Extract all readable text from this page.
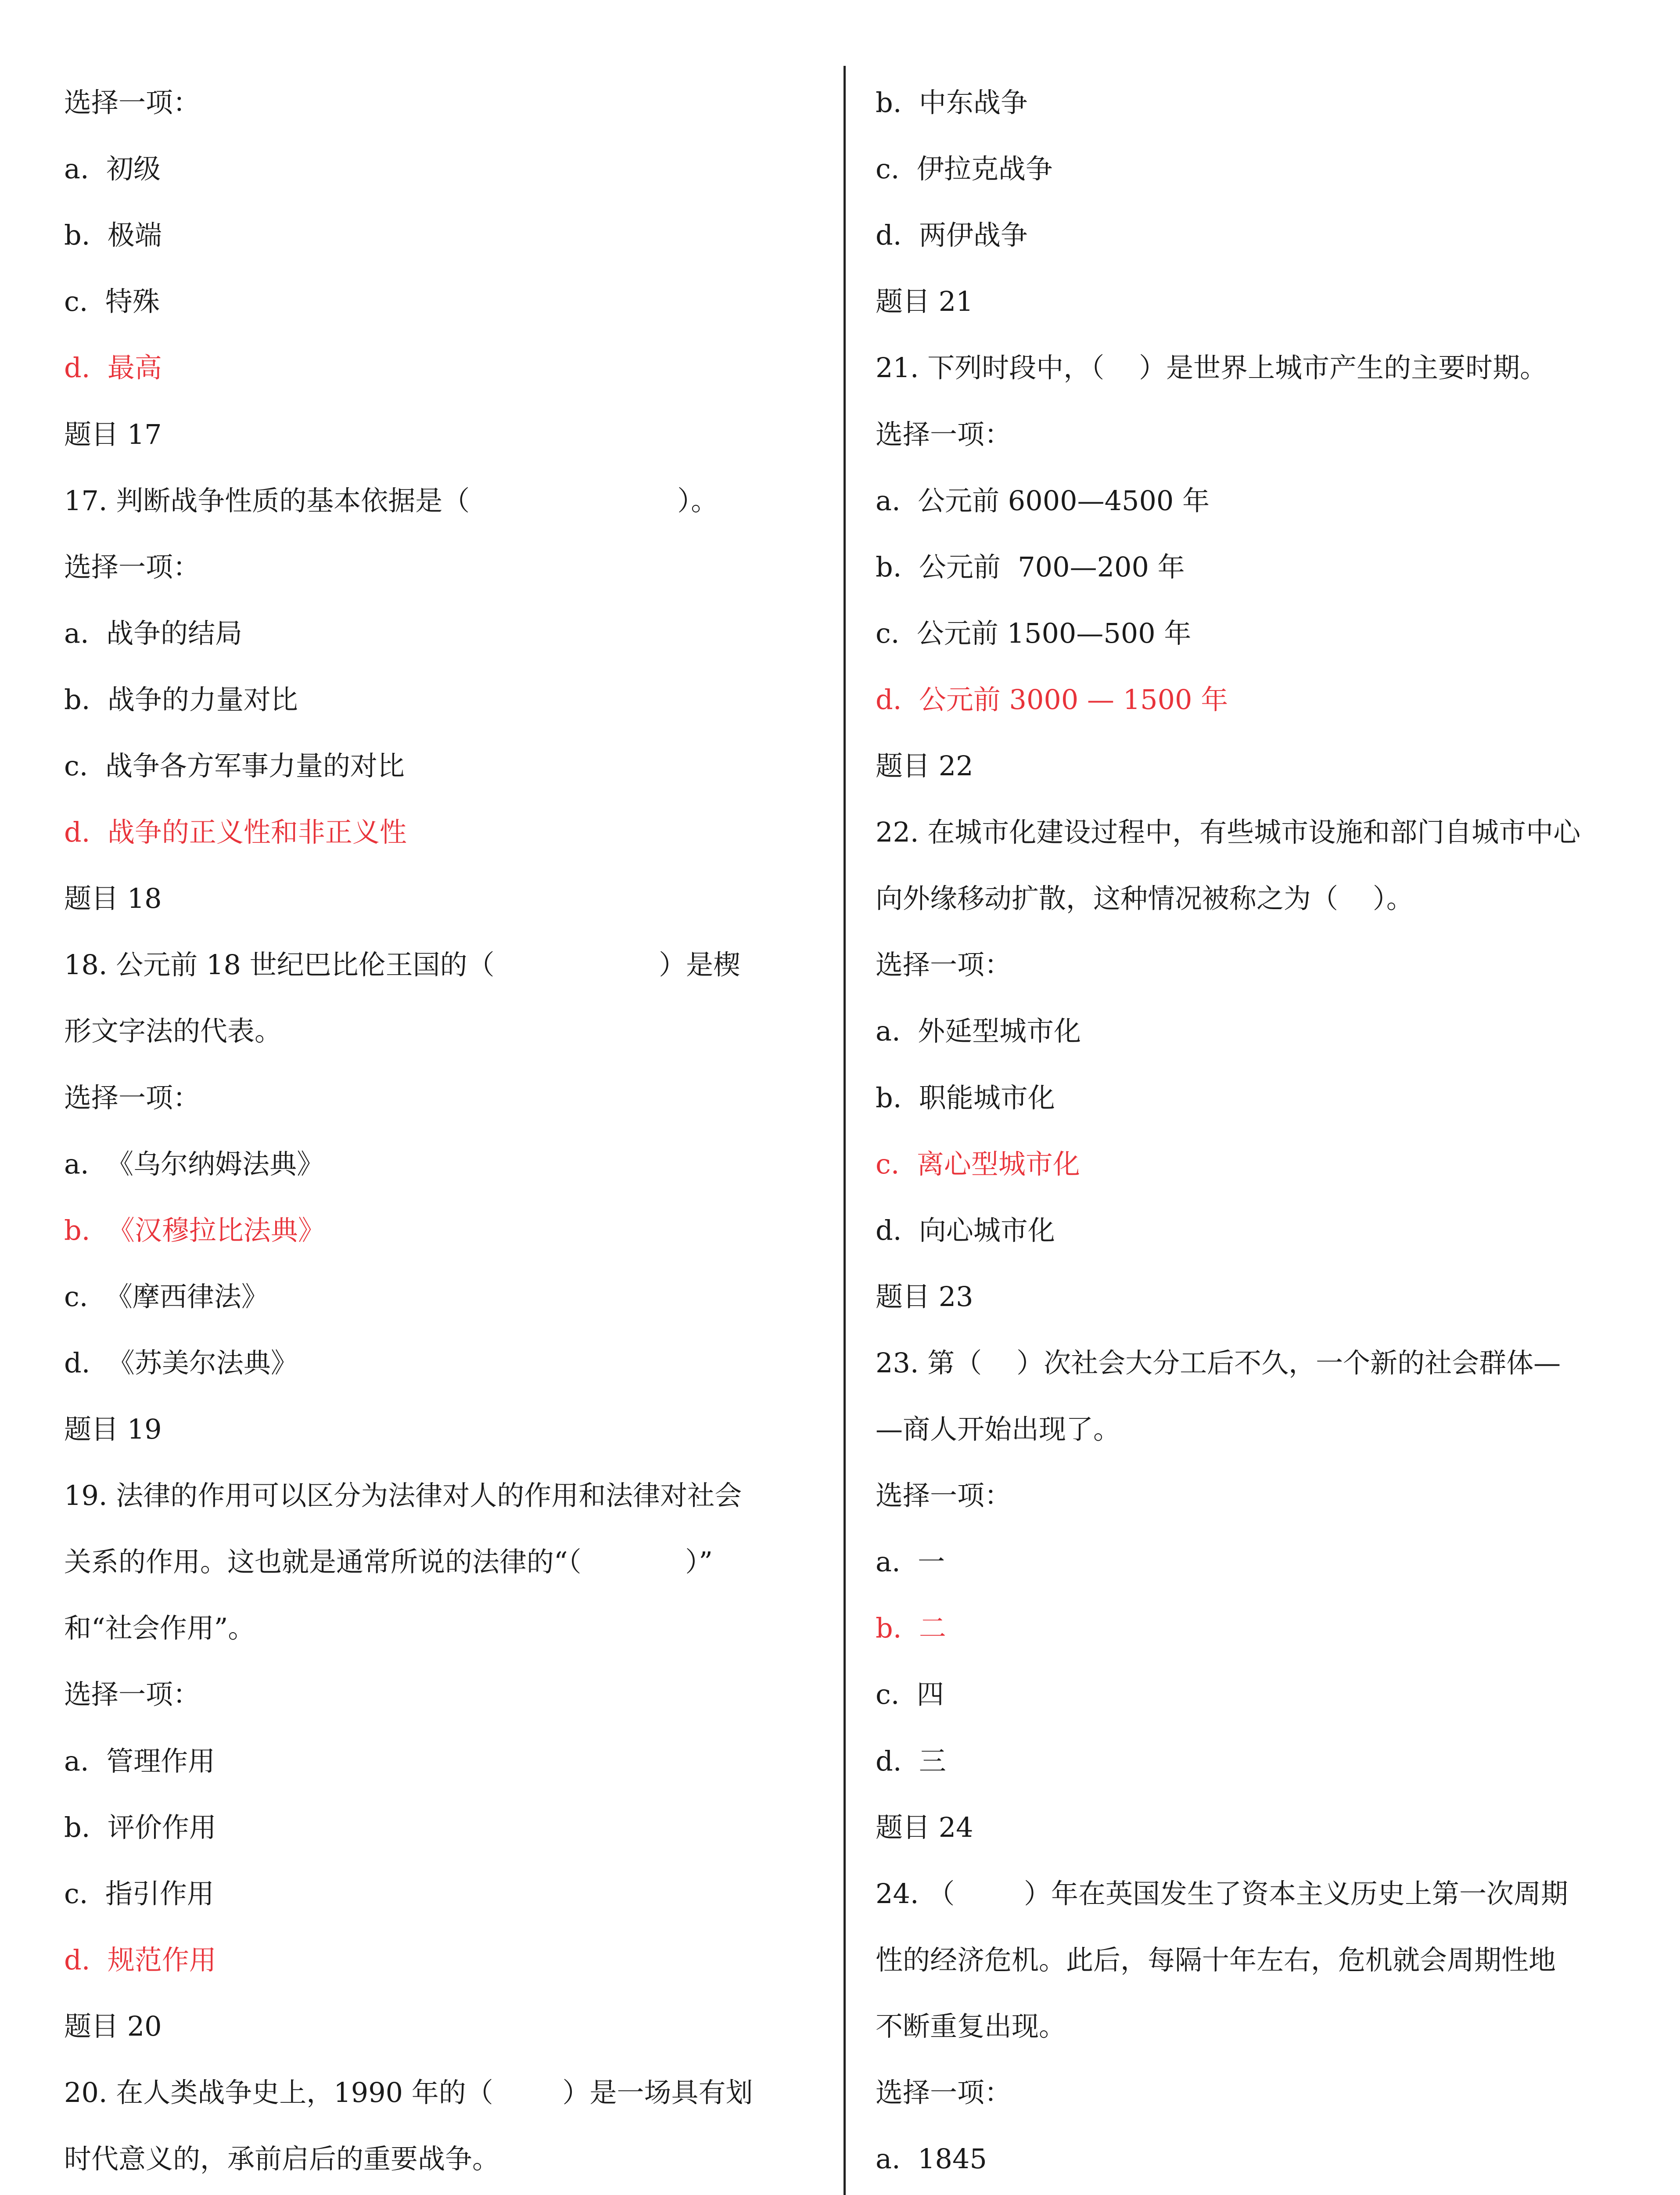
选择一项：
a.  初级
b.  极端
c.  特殊
d.  最高
题目 17
17. 判断战争性质的基本依据是（                        ）。
选择一项：
a.  战争的结局
b.  战争的力量对比
c.  战争各方军事力量的对比
d.  战争的正义性和非正义性
题目 18
18. 公元前 18 世纪巴比伦王国的（                   ）是楔
形文字法的代表。
选择一项：
a.  《乌尔纳姆法典》
b.  《汉穆拉比法典》
c.  《摩西律法》
d.  《苏美尔法典》
题目 19
19. 法律的作用可以区分为法律对人的作用和法律对社会
关系的作用。这也就是通常所说的法律的“（            ）”
和“社会作用”。
选择一项：
a.  管理作用
b.  评价作用
c.  指引作用
d.  规范作用
题目 20
20. 在人类战争史上，1990 年的（        ）是一场具有划
时代意义的，承前启后的重要战争。
b.  中东战争
c.  伊拉克战争
d.  两伊战争
题目 21
21. 下列时段中，（    ）是世界上城市产生的主要时期。
选择一项：
a.  公元前 6000—4500 年
b.  公元前  700—200 年
c.  公元前 1500—500 年
d.  公元前 3000 — 1500 年
题目 22
22. 在城市化建设过程中，有些城市设施和部门自城市中心
向外缘移动扩散，这种情况被称之为（    ）。
选择一项：
a.  外延型城市化
b.  职能城市化
c.  离心型城市化
d.  向心城市化
题目 23
23. 第（    ）次社会大分工后不久，一个新的社会群体—
—商人开始出现了。
选择一项：
a.  一
b.  二
c.  四
d.  三
题目 24
24. （        ）年在英国发生了资本主义历史上第一次周期
性的经济危机。此后，每隔十年左右，危机就会周期性地
不断重复出现。
选择一项：
a.  1845
